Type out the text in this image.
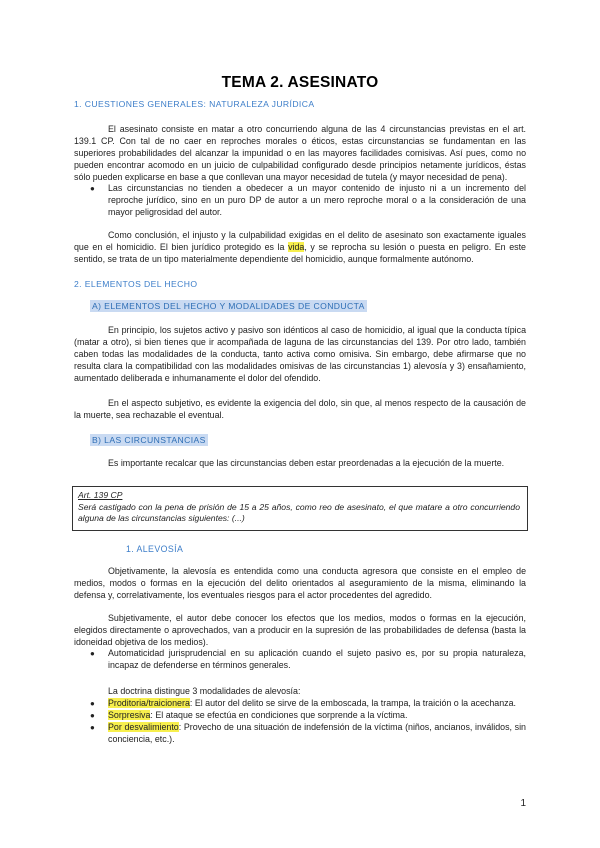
TEMA 2. ASESINATO
1. CUESTIONES GENERALES: NATURALEZA JURÍDICA
El asesinato consiste en matar a otro concurriendo alguna de las 4 circunstancias previstas en el art. 139.1 CP. Con tal de no caer en reproches morales o éticos, estas circunstancias se fundamentan en las superiores probabilidades del alcanzar la impunidad o en las mayores facilidades comisivas. Así pues, como no pueden encontrar acomodo en un juicio de culpabilidad configurado desde principios netamente jurídicos, éstas sólo pueden explicarse en base a que conllevan una mayor necesidad de tutela (y mayor necesidad de pena).
● Las circunstancias no tienden a obedecer a un mayor contenido de injusto ni a un incremento del reproche jurídico, sino en un puro DP de autor a un mero reproche moral o a la consideración de una mayor peligrosidad del autor.
Como conclusión, el injusto y la culpabilidad exigidas en el delito de asesinato son exactamente iguales que en el homicidio. El bien jurídico protegido es la vida, y se reprocha su lesión o puesta en peligro. En este sentido, se trata de un tipo materialmente dependiente del homicidio, aunque formalmente autónomo.
2. ELEMENTOS DEL HECHO
A) ELEMENTOS DEL HECHO Y MODALIDADES DE CONDUCTA
En principio, los sujetos activo y pasivo son idénticos al caso de homicidio, al igual que la conducta típica (matar a otro), si bien tienes que ir acompañada de laguna de las circunstancias del 139. Por otro lado, también caben todas las modalidades de la conducta, tanto activa como omisiva. Sin embargo, debe afirmarse que no resulta clara la compatibilidad con las modalidades omisivas de las circunstancias 1) alevosía y 3) ensañamiento, aumentado deliberada e inhumanamente el dolor del ofendido.
En el aspecto subjetivo, es evidente la exigencia del dolo, sin que, al menos respecto de la causación de la muerte, sea rechazable el eventual.
B) LAS CIRCUNSTANCIAS
Es importante recalcar que las circunstancias deben estar preordenadas a la ejecución de la muerte.
Art. 139 CP
Será castigado con la pena de prisión de 15 a 25 años, como reo de asesinato, el que matare a otro concurriendo alguna de las circunstancias siguientes: (...)
1. ALEVOSÍA
Objetivamente, la alevosía es entendida como una conducta agresora que consiste en el empleo de medios, modos o formas en la ejecución del delito orientados al aseguramiento de la misma, eliminando la defensa y, correlativamente, los eventuales riesgos para el actor procedentes del agredido.
Subjetivamente, el autor debe conocer los efectos que los medios, modos o formas en la ejecución, elegidos directamente o aprovechados, van a producir en la supresión de las probabilidades de defensa (basta la idoneidad objetiva de los medios).
● Automaticidad jurisprudencial en su aplicación cuando el sujeto pasivo es, por su propia naturaleza, incapaz de defenderse en términos generales.
La doctrina distingue 3 modalidades de alevosía:
● Proditoria/traicionera: El autor del delito se sirve de la emboscada, la trampa, la traición o la acechanza.
● Sorpresiva: El ataque se efectúa en condiciones que sorprende a la víctima.
● Por desvalimiento: Provecho de una situación de indefensión de la víctima (niños, ancianos, inválidos, sin conciencia, etc.).
1
